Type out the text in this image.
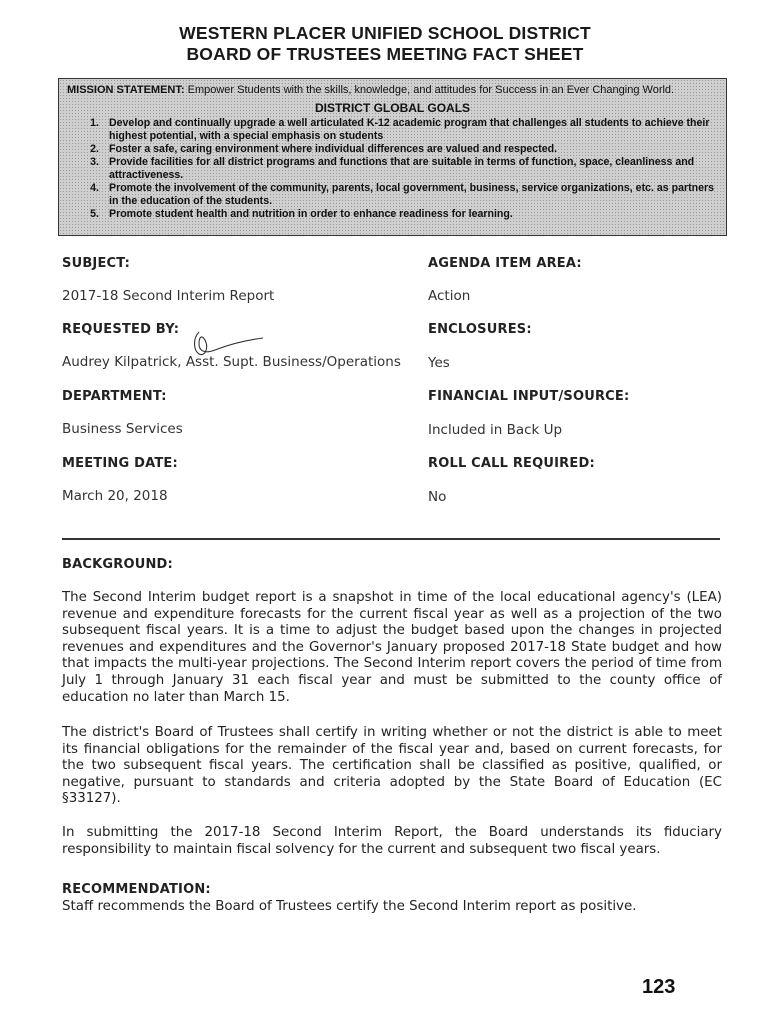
WESTERN PLACER UNIFIED SCHOOL DISTRICT
BOARD OF TRUSTEES MEETING FACT SHEET
MISSION STATEMENT: Empower Students with the skills, knowledge, and attitudes for Success in an Ever Changing World.
DISTRICT GLOBAL GOALS
1. Develop and continually upgrade a well articulated K-12 academic program that challenges all students to achieve their highest potential, with a special emphasis on students
2. Foster a safe, caring environment where individual differences are valued and respected.
3. Provide facilities for all district programs and functions that are suitable in terms of function, space, cleanliness and attractiveness.
4. Promote the involvement of the community, parents, local government, business, service organizations, etc. as partners in the education of the students.
5. Promote student health and nutrition in order to enhance readiness for learning.
SUBJECT:
2017-18 Second Interim Report
AGENDA ITEM AREA:
Action
REQUESTED BY:
Audrey Kilpatrick, Asst. Supt. Business/Operations
ENCLOSURES:
Yes
DEPARTMENT:
Business Services
FINANCIAL INPUT/SOURCE:
Included in Back Up
MEETING DATE:
March 20, 2018
ROLL CALL REQUIRED:
No
BACKGROUND:
The Second Interim budget report is a snapshot in time of the local educational agency's (LEA) revenue and expenditure forecasts for the current fiscal year as well as a projection of the two subsequent fiscal years. It is a time to adjust the budget based upon the changes in projected revenues and expenditures and the Governor's January proposed 2017-18 State budget and how that impacts the multi-year projections. The Second Interim report covers the period of time from July 1 through January 31 each fiscal year and must be submitted to the county office of education no later than March 15.
The district's Board of Trustees shall certify in writing whether or not the district is able to meet its financial obligations for the remainder of the fiscal year and, based on current forecasts, for the two subsequent fiscal years. The certification shall be classified as positive, qualified, or negative, pursuant to standards and criteria adopted by the State Board of Education (EC §33127).
In submitting the 2017-18 Second Interim Report, the Board understands its fiduciary responsibility to maintain fiscal solvency for the current and subsequent two fiscal years.
RECOMMENDATION:
Staff recommends the Board of Trustees certify the Second Interim report as positive.
123
